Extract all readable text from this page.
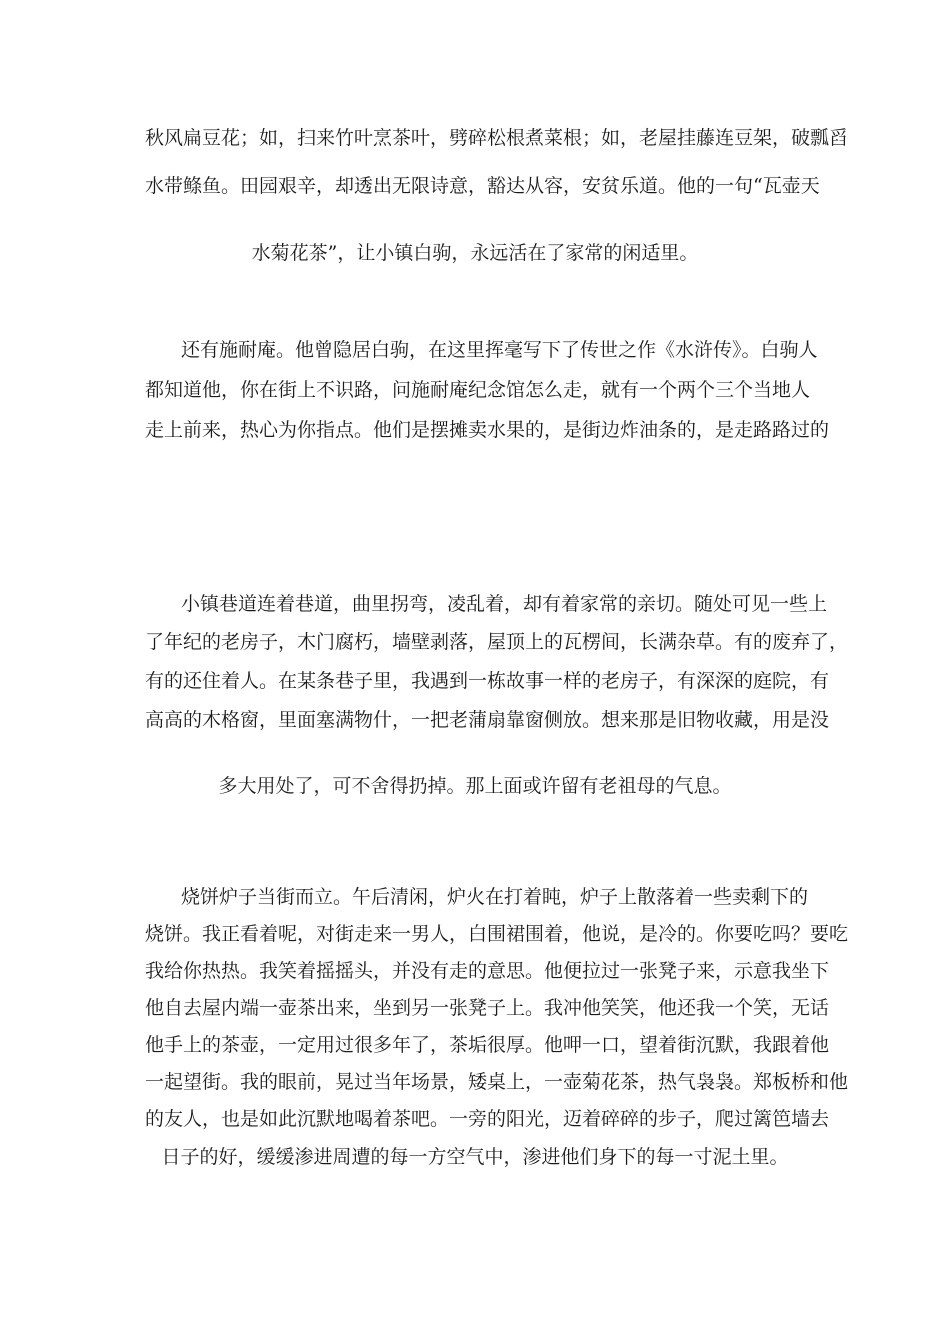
秋风扁豆花；如，扫来竹叶烹茶叶，劈碎松根煮菜根；如，老屋挂藤连豆架，破瓢舀
水带鲦鱼。田园艰辛，却透出无限诗意，豁达从容，安贫乐道。他的一句“瓦壶天
水菊花茶”，让小镇白驹，永远活在了家常的闲适里。
还有施耐庵。他曾隐居白驹，在这里挥毫写下了传世之作《水浒传》。白驹人
都知道他，你在街上不识路，问施耐庵纪念馆怎么走，就有一个两个三个当地人
走上前来，热心为你指点。他们是摆摊卖水果的，是街边炸油条的，是走路路过的
小镇巷道连着巷道，曲里拐弯，凌乱着，却有着家常的亲切。随处可见一些上
了年纪的老房子，木门腐朽，墙壁剥落，屋顶上的瓦楞间，长满杂草。有的废弃了，
有的还住着人。在某条巷子里，我遇到一栋故事一样的老房子，有深深的庭院，有
高高的木格窗，里面塞满物什，一把老蒲扇靠窗侧放。想来那是旧物收藏，用是没
多大用处了，可不舍得扔掉。那上面或许留有老祖母的气息。
烧饼炉子当街而立。午后清闲，炉火在打着盹，炉子上散落着一些卖剩下的
烧饼。我正看着呢，对街走来一男人，白围裙围着，他说，是冷的。你要吃吗？要吃
我给你热热。我笑着摇摇头，并没有走的意思。他便拉过一张凳子来，示意我坐下
他自去屋内端一壶茶出来，坐到另一张凳子上。我冲他笑笑，他还我一个笑，无话
他手上的茶壶，一定用过很多年了，茶垢很厚。他呷一口，望着街沉默，我跟着他
一起望街。我的眼前，晃过当年场景，矮桌上，一壶菊花茶，热气袅袅。郑板桥和他
的友人，也是如此沉默地喝着茶吧。一旁的阳光，迈着碎碎的步子，爬过篱笆墙去
日子的好，缓缓渗进周遭的每一方空气中，渗进他们身下的每一寸泥土里。
